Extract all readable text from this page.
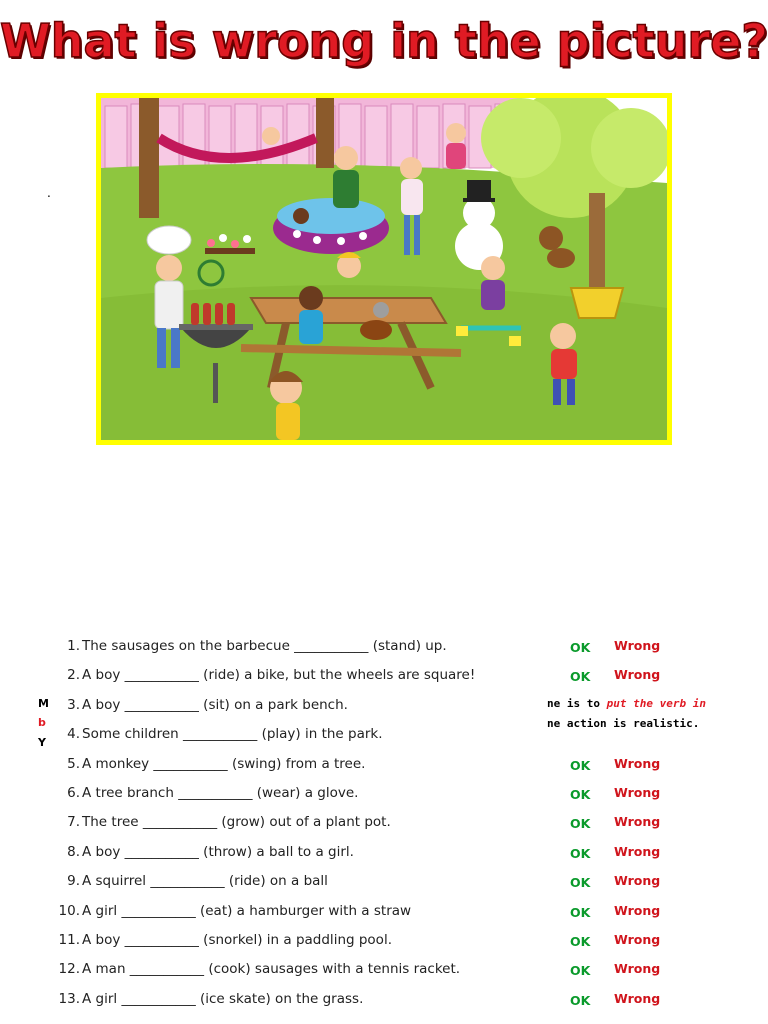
What is wrong in the picture?
.
M
b
Y
ne is to put the verb in
ne action is realistic.
1. The sausages on the barbecue ___________ (stand) up.
2. A boy ___________ (ride) a bike, but the wheels are square!
3. A boy ___________ (sit) on a park bench.
4. Some children ___________ (play) in the park.
5. A monkey ___________ (swing) from a tree.
6. A tree branch ___________ (wear) a glove.
7. The tree ___________ (grow) out of a plant pot.
8. A boy ___________ (throw) a ball to a girl.
9. A squirrel ___________ (ride) on a ball
10. A girl ___________ (eat) a hamburger with a straw
11. A boy ___________ (snorkel) in a paddling pool.
12. A man ___________ (cook) sausages with a tennis racket.
13. A girl ___________ (ice skate) on the grass.
OK Wrong
OK Wrong
OK Wrong
OK Wrong
OK Wrong
OK Wrong
OK Wrong
OK Wrong
OK Wrong
OK Wrong
OK Wrong
